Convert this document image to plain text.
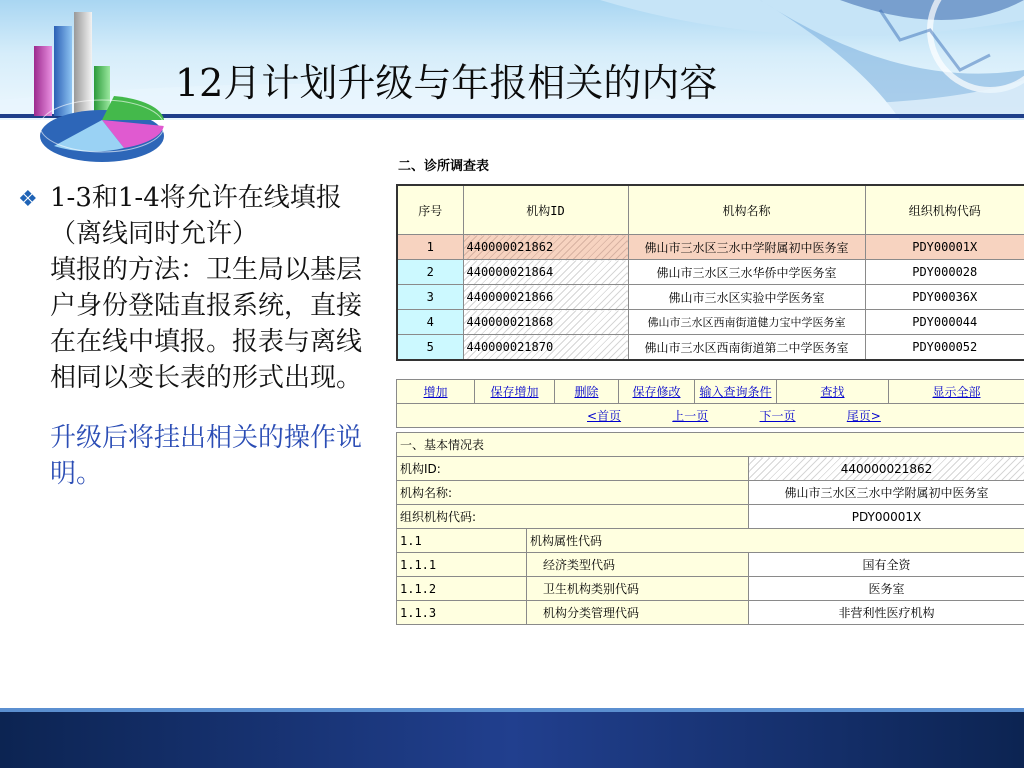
12月计划升级与年报相关的内容
❖ 1-3和1-4将允许在线填报（离线同时允许）
填报的方法：卫生局以基层户身份登陆直报系统，直接在在线中填报。报表与离线相同以变长表的形式出现。
升级后将挂出相关的操作说明。
二、诊所调查表
序号	机构ID	机构名称	组织机构代码
1	440000021862	佛山市三水区三水中学附属初中医务室	PDY00001X
2	440000021864	佛山市三水区三水华侨中学医务室	PDY000028
3	440000021866	佛山市三水区实验中学医务室	PDY00036X
4	440000021868	佛山市三水区西南街道健力宝中学医务室	PDY000044
5	440000021870	佛山市三水区西南街道第二中学医务室	PDY000052
增加	保存增加	删除	保存修改	输入查询条件	查找	显示全部
<首页	上一页	下一页	尾页>
一、基本情况表		
机构ID:		440000021862
机构名称:		佛山市三水区三水中学附属初中医务室
组织机构代码:		PDY00001X
1.1	机构属性代码	
1.1.1	经济类型代码	国有全资
1.1.2	卫生机构类别代码	医务室
1.1.3	机构分类管理代码	非营利性医疗机构
